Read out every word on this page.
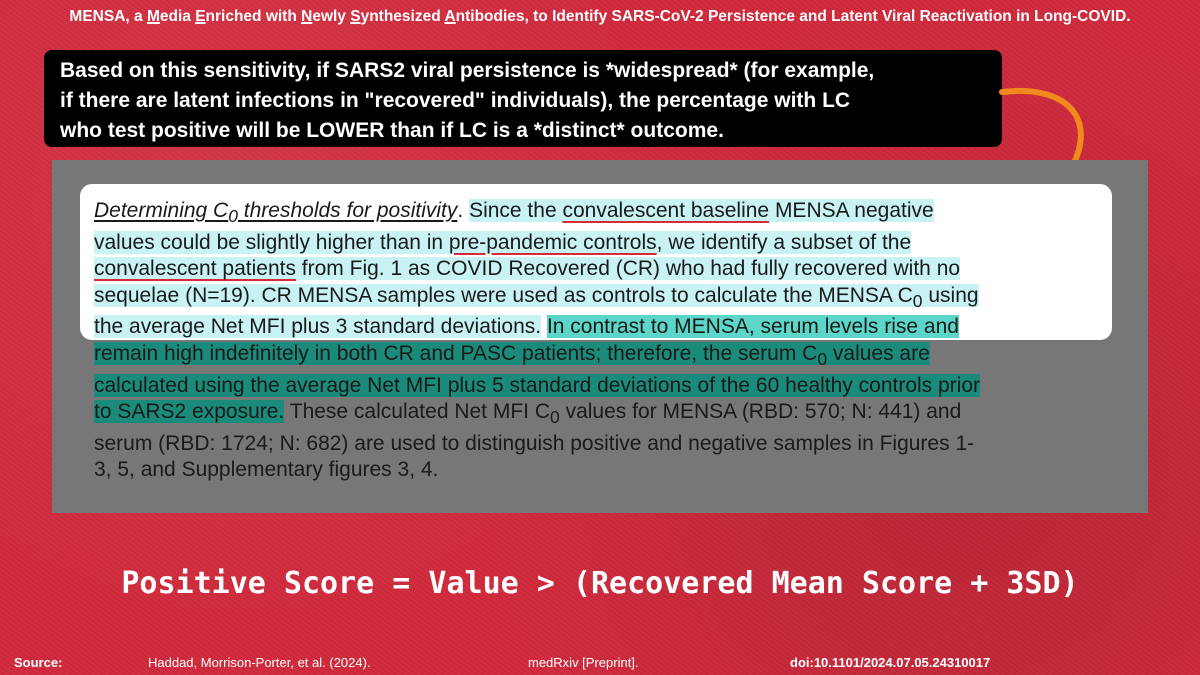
MENSA, a Media Enriched with Newly Synthesized Antibodies, to Identify SARS-CoV-2 Persistence and Latent Viral Reactivation in Long-COVID.
Based on this sensitivity, if SARS2 viral persistence is *widespread* (for example,
if there are latent infections in "recovered" individuals), the percentage with LC
who test positive will be LOWER than if LC is a *distinct* outcome.
Determining $C_0$ thresholds for positivity. Since the convalescent baseline MENSA negative
values could be slightly higher than in pre-pandemic controls, we identify a subset of the
convalescent patients from Fig. 1 as COVID Recovered (CR) who had fully recovered with no
sequelae (N=19). CR MENSA samples were used as controls to calculate the MENSA $C_0$ using
the average Net MFI plus 3 standard deviations. In contrast to MENSA, serum levels rise and
remain high indefinitely in both CR and PASC patients; therefore, the serum $C_0$ values are
calculated using the average Net MFI plus 5 standard deviations of the 60 healthy controls prior
to SARS2 exposure. These calculated Net MFI $C_0$ values for MENSA (RBD: 570; N: 441) and
serum (RBD: 1724; N: 682) are used to distinguish positive and negative samples in Figures 1-
3, 5, and Supplementary figures 3, 4.
Positive Score = Value > (Recovered Mean Score + 3SD)
Source:	Haddad, Morrison-Porter, et al. (2024).	medRxiv [Preprint].	doi:10.1101/2024.07.05.24310017
